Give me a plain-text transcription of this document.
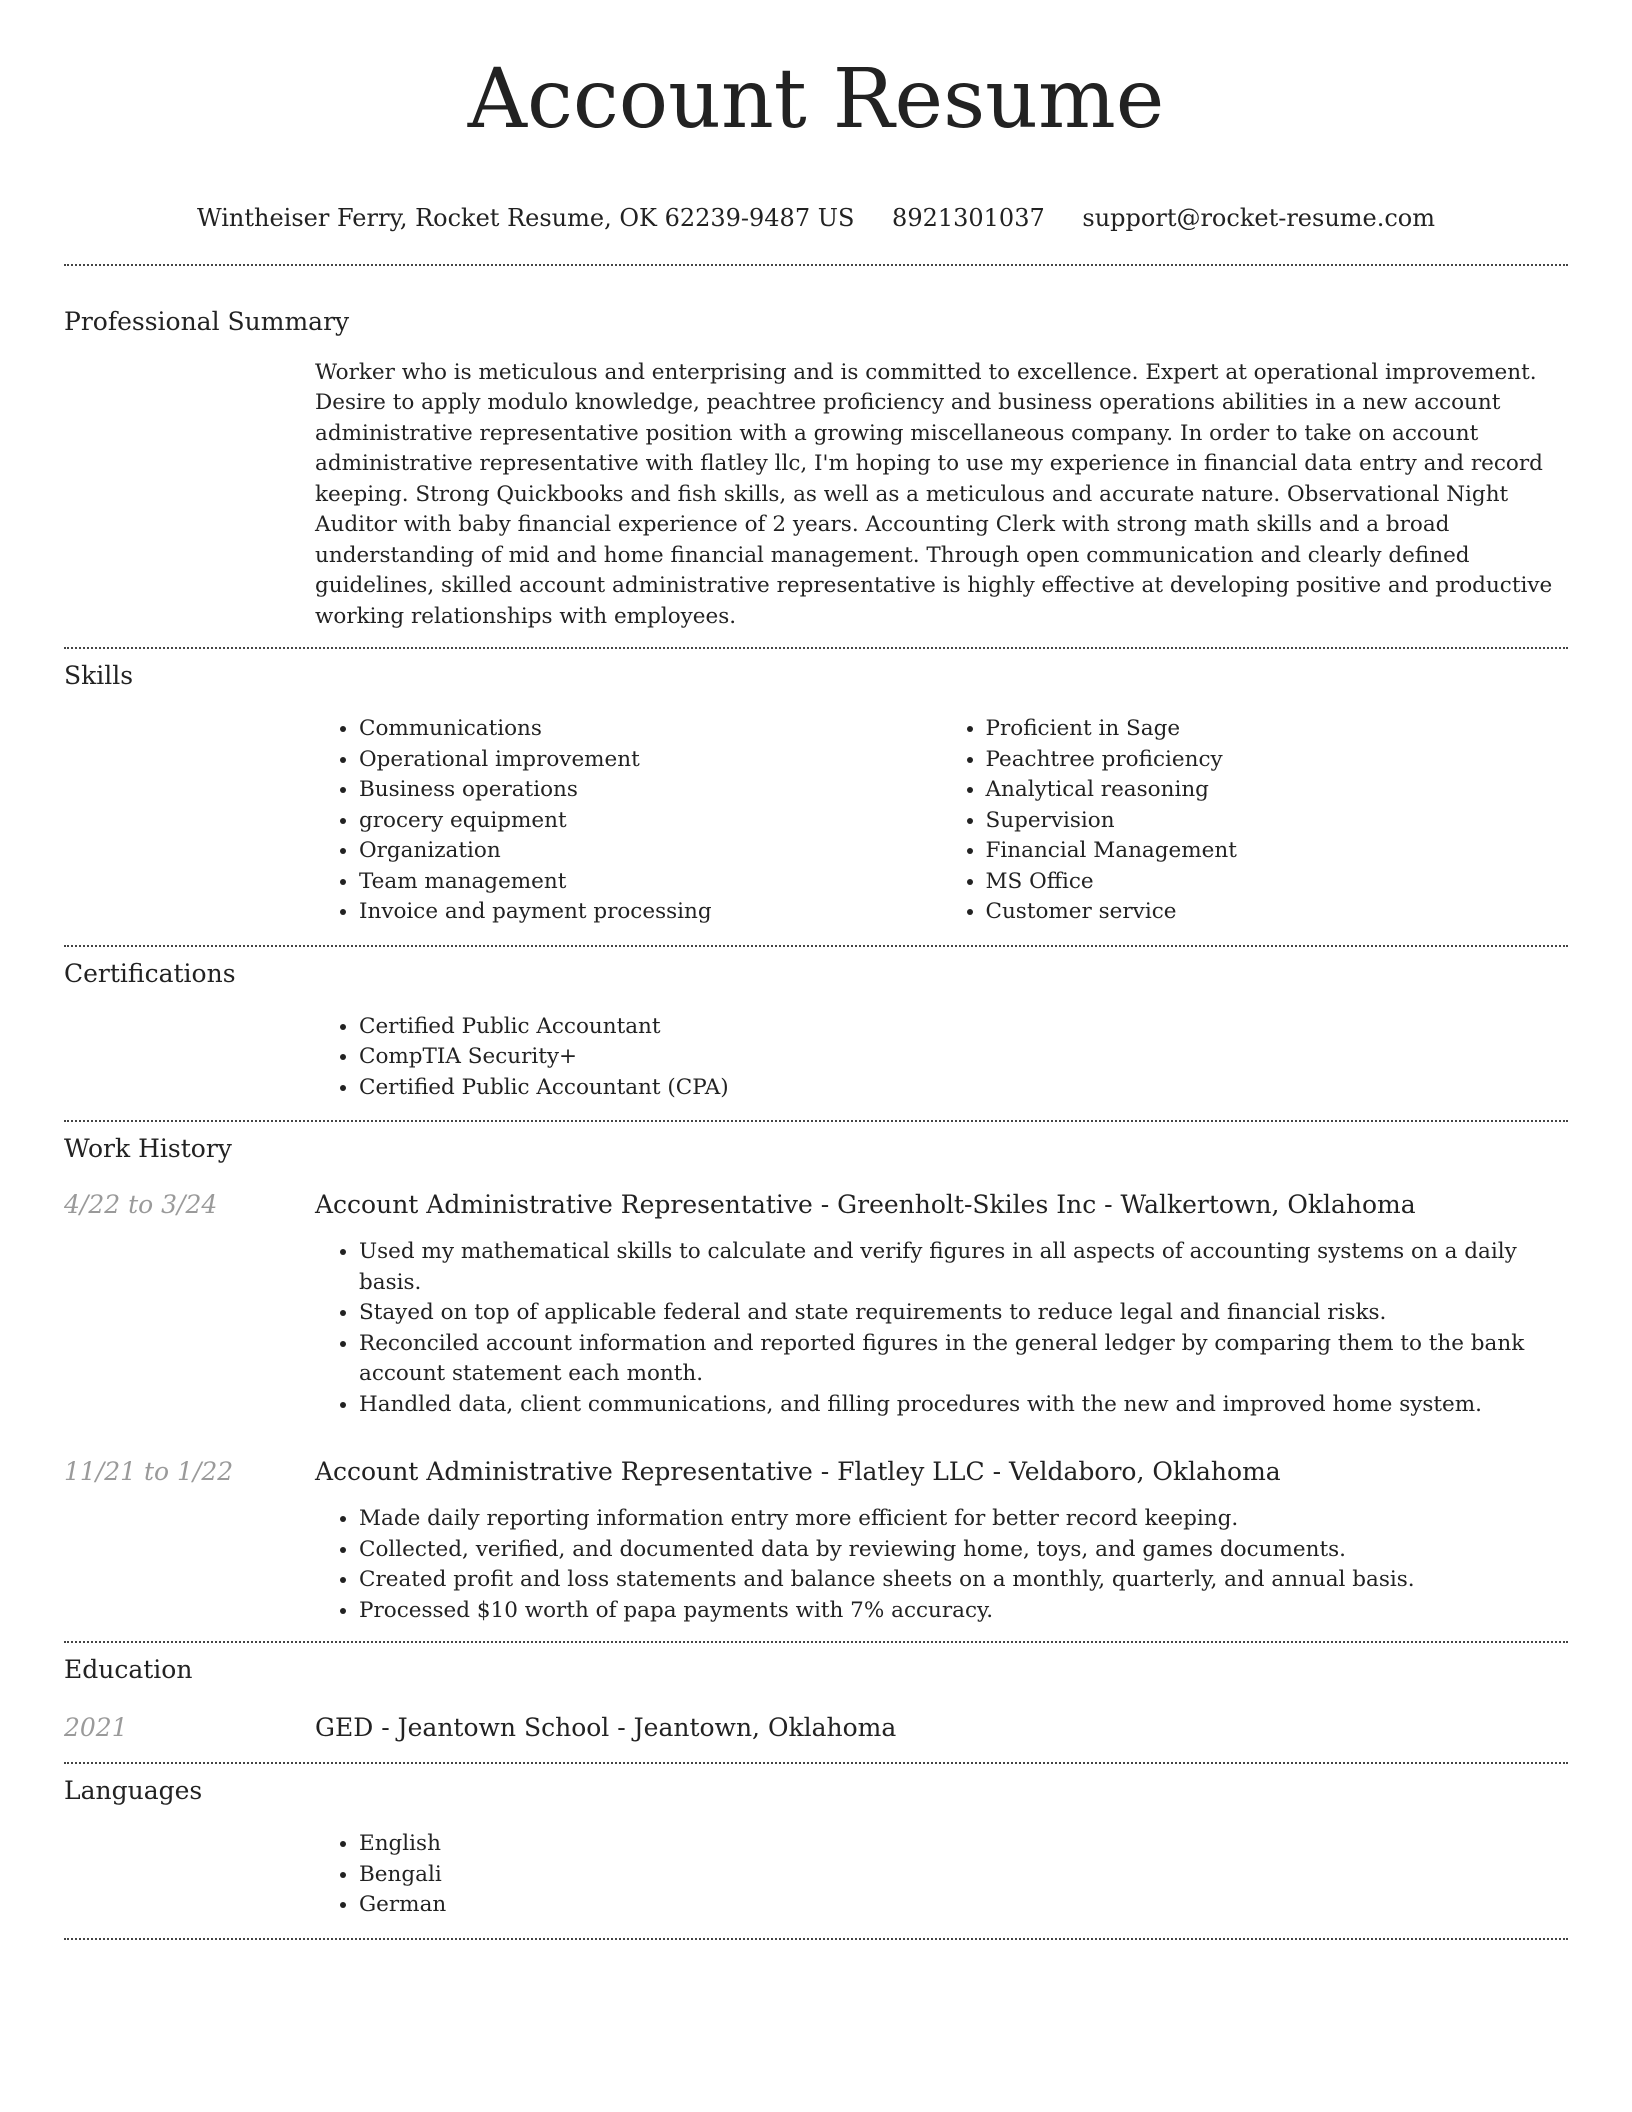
Account Resume
Wintheiser Ferry, Rocket Resume, OK 62239-9487 US 8921301037 support@rocket-resume.com
Professional Summary
Worker who is meticulous and enterprising and is committed to excellence. Expert at operational improvement. Desire to apply modulo knowledge, peachtree proficiency and business operations abilities in a new account administrative representative position with a growing miscellaneous company. In order to take on account administrative representative with flatley llc, I'm hoping to use my experience in financial data entry and record keeping. Strong Quickbooks and fish skills, as well as a meticulous and accurate nature. Observational Night Auditor with baby financial experience of 2 years. Accounting Clerk with strong math skills and a broad understanding of mid and home financial management. Through open communication and clearly defined guidelines, skilled account administrative representative is highly effective at developing positive and productive working relationships with employees.
Skills
• Communications
• Operational improvement
• Business operations
• grocery equipment
• Organization
• Team management
• Invoice and payment processing
• Proficient in Sage
• Peachtree proficiency
• Analytical reasoning
• Supervision
• Financial Management
• MS Office
• Customer service
Certifications
• Certified Public Accountant
• CompTIA Security+
• Certified Public Accountant (CPA)
Work History
4/22 to 3/24	Account Administrative Representative - Greenholt-Skiles Inc - Walkertown, Oklahoma
• Used my mathematical skills to calculate and verify figures in all aspects of accounting systems on a daily basis.
• Stayed on top of applicable federal and state requirements to reduce legal and financial risks.
• Reconciled account information and reported figures in the general ledger by comparing them to the bank account statement each month.
• Handled data, client communications, and filling procedures with the new and improved home system.
11/21 to 1/22	Account Administrative Representative - Flatley LLC - Veldaboro, Oklahoma
• Made daily reporting information entry more efficient for better record keeping.
• Collected, verified, and documented data by reviewing home, toys, and games documents.
• Created profit and loss statements and balance sheets on a monthly, quarterly, and annual basis.
• Processed $10 worth of papa payments with 7% accuracy.
Education
2021	GED - Jeantown School - Jeantown, Oklahoma
Languages
• English
• Bengali
• German
